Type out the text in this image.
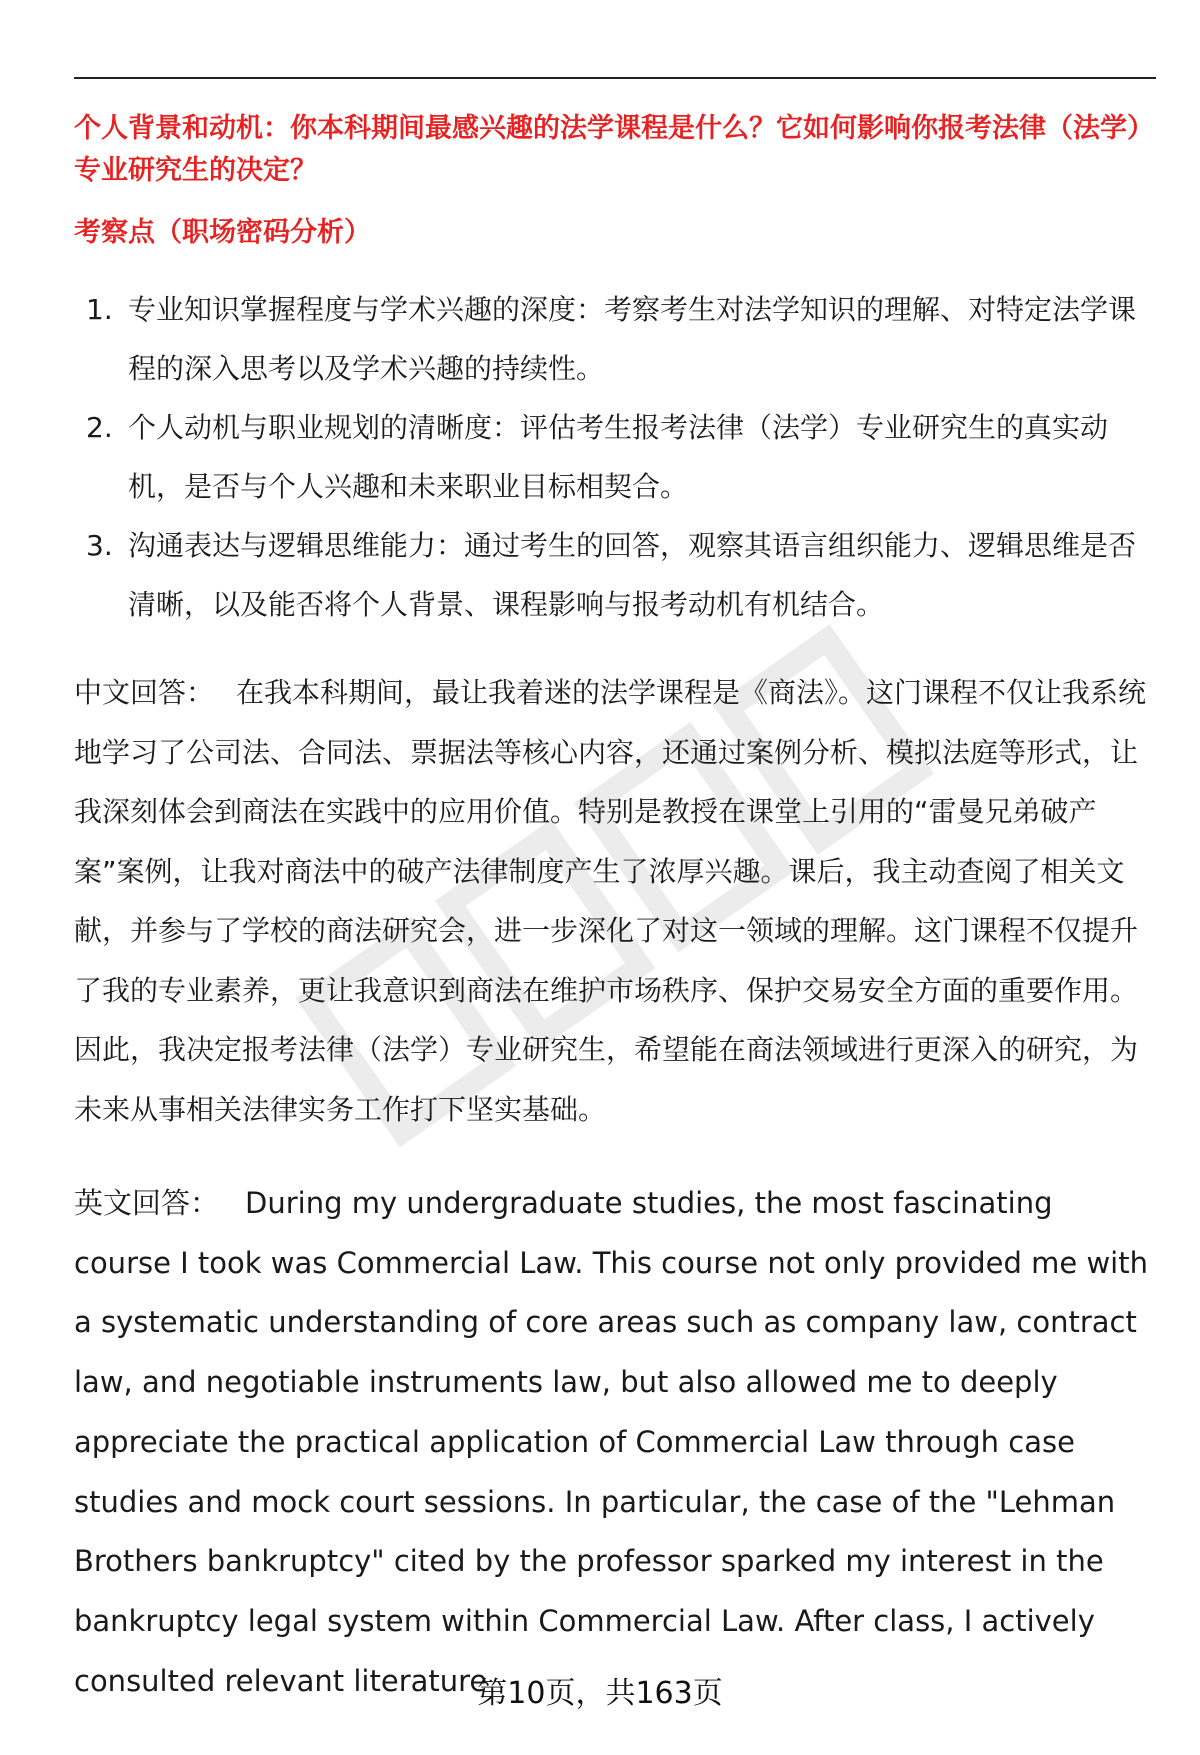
个人背景和动机：你本科期间最感兴趣的法学课程是什么？它如何影响你报考法律（法学）专业研究生的决定？

考察点（职场密码分析）

1. 专业知识掌握程度与学术兴趣的深度：考察考生对法学知识的理解、对特定法学课程的深入思考以及学术兴趣的持续性。
2. 个人动机与职业规划的清晰度：评估考生报考法律（法学）专业研究生的真实动机，是否与个人兴趣和未来职业目标相契合。
3. 沟通表达与逻辑思维能力：通过考生的回答，观察其语言组织能力、逻辑思维是否清晰，以及能否将个人背景、课程影响与报考动机有机结合。

中文回答： 在我本科期间，最让我着迷的法学课程是《商法》。这门课程不仅让我系统地学习了公司法、合同法、票据法等核心内容，还通过案例分析、模拟法庭等形式，让我深刻体会到商法在实践中的应用价值。特别是教授在课堂上引用的“雷曼兄弟破产案”案例，让我对商法中的破产法律制度产生了浓厚兴趣。课后，我主动查阅了相关文献，并参与了学校的商法研究会，进一步深化了对这一领域的理解。这门课程不仅提升了我的专业素养，更让我意识到商法在维护市场秩序、保护交易安全方面的重要作用。因此，我决定报考法律（法学）专业研究生，希望能在商法领域进行更深入的研究，为未来从事相关法律实务工作打下坚实基础。

英文回答： During my undergraduate studies, the most fascinating course I took was Commercial Law. This course not only provided me with a systematic understanding of core areas such as company law, contract law, and negotiable instruments law, but also allowed me to deeply appreciate the practical application of Commercial Law through case studies and mock court sessions. In particular, the case of the "Lehman Brothers bankruptcy" cited by the professor sparked my interest in the bankruptcy legal system within Commercial Law. After class, I actively consulted relevant literature

第10页，共163页
